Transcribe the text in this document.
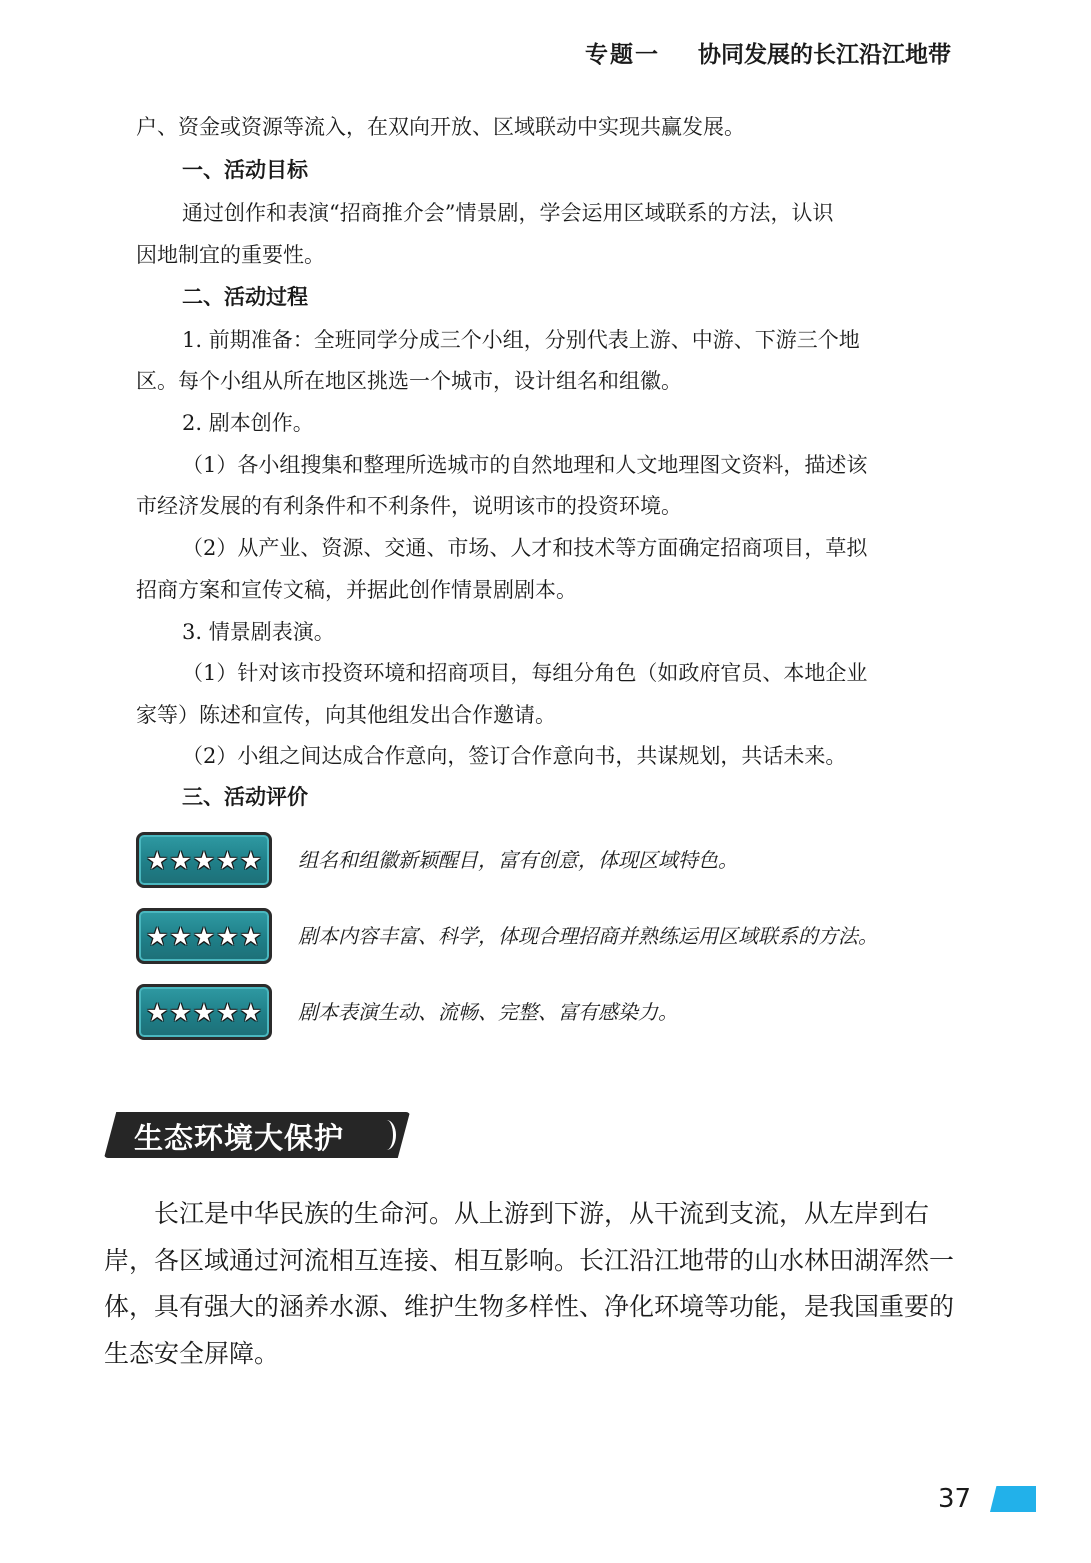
专题一 协同发展的长江沿江地带
户、资金或资源等流入，在双向开放、区域联动中实现共赢发展。
一、活动目标
通过创作和表演“招商推介会”情景剧，学会运用区域联系的方法，认识
因地制宜的重要性。
二、活动过程
1. 前期准备：全班同学分成三个小组，分别代表上游、中游、下游三个地
区。每个小组从所在地区挑选一个城市，设计组名和组徽。
2. 剧本创作。
（1）各小组搜集和整理所选城市的自然地理和人文地理图文资料，描述该
市经济发展的有利条件和不利条件，说明该市的投资环境。
（2）从产业、资源、交通、市场、人才和技术等方面确定招商项目，草拟
招商方案和宣传文稿，并据此创作情景剧剧本。
3. 情景剧表演。
（1）针对该市投资环境和招商项目，每组分角色（如政府官员、本地企业
家等）陈述和宣传，向其他组发出合作邀请。
（2）小组之间达成合作意向，签订合作意向书，共谋规划，共话未来。
三、活动评价
★ ★ ★ ★ ★ 组名和组徽新颖醒目，富有创意，体现区域特色。
★ ★ ★ ★ ★ 剧本内容丰富、科学，体现合理招商并熟练运用区域联系的方法。
★ ★ ★ ★ ★ 剧本表演生动、流畅、完整、富有感染力。
生态环境大保护
长江是中华民族的生命河。从上游到下游，从干流到支流，从左岸到右
岸，各区域通过河流相互连接、相互影响。长江沿江地带的山水林田湖浑然一
体，具有强大的涵养水源、维护生物多样性、净化环境等功能，是我国重要的
生态安全屏障。
37
